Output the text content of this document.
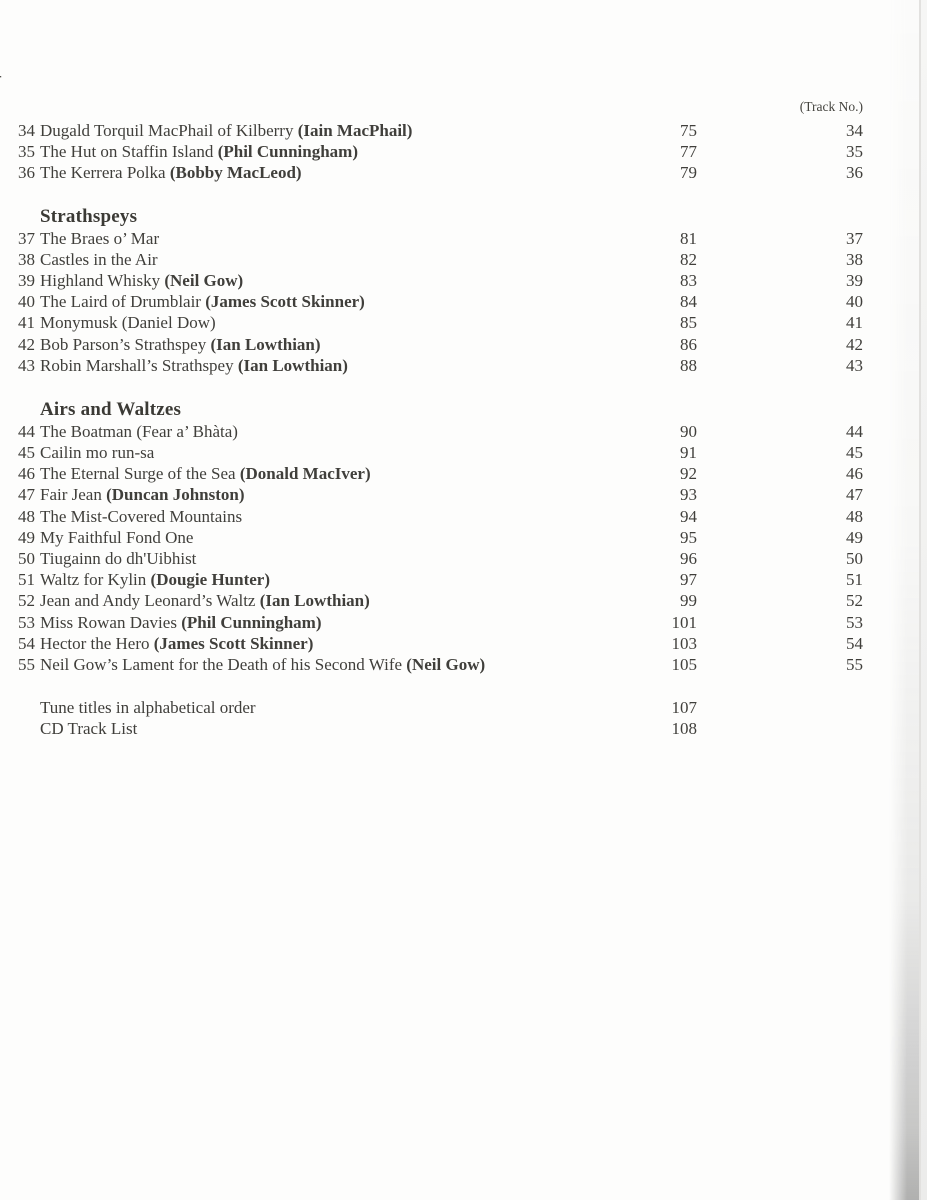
(Track No.)
34 Dugald Torquil MacPhail of Kilberry (Iain MacPhail)	75	34
35 The Hut on Staffin Island (Phil Cunningham)	77	35
36 The Kerrera Polka (Bobby MacLeod)	79	36
Strathspeys
37 The Braes o’ Mar	81	37
38 Castles in the Air	82	38
39 Highland Whisky (Neil Gow)	83	39
40 The Laird of Drumblair (James Scott Skinner)	84	40
41 Monymusk (Daniel Dow)	85	41
42 Bob Parson’s Strathspey (Ian Lowthian)	86	42
43 Robin Marshall’s Strathspey (Ian Lowthian)	88	43
Airs and Waltzes
44 The Boatman (Fear a’ Bhàta)	90	44
45 Cailin mo run-sa	91	45
46 The Eternal Surge of the Sea (Donald MacIver)	92	46
47 Fair Jean (Duncan Johnston)	93	47
48 The Mist-Covered Mountains	94	48
49 My Faithful Fond One	95	49
50 Tiugainn do dh'Uibhist	96	50
51 Waltz for Kylin (Dougie Hunter)	97	51
52 Jean and Andy Leonard’s Waltz (Ian Lowthian)	99	52
53 Miss Rowan Davies (Phil Cunningham)	101	53
54 Hector the Hero (James Scott Skinner)	103	54
55 Neil Gow’s Lament for the Death of his Second Wife (Neil Gow)	105	55
Tune titles in alphabetical order	107
CD Track List	108
